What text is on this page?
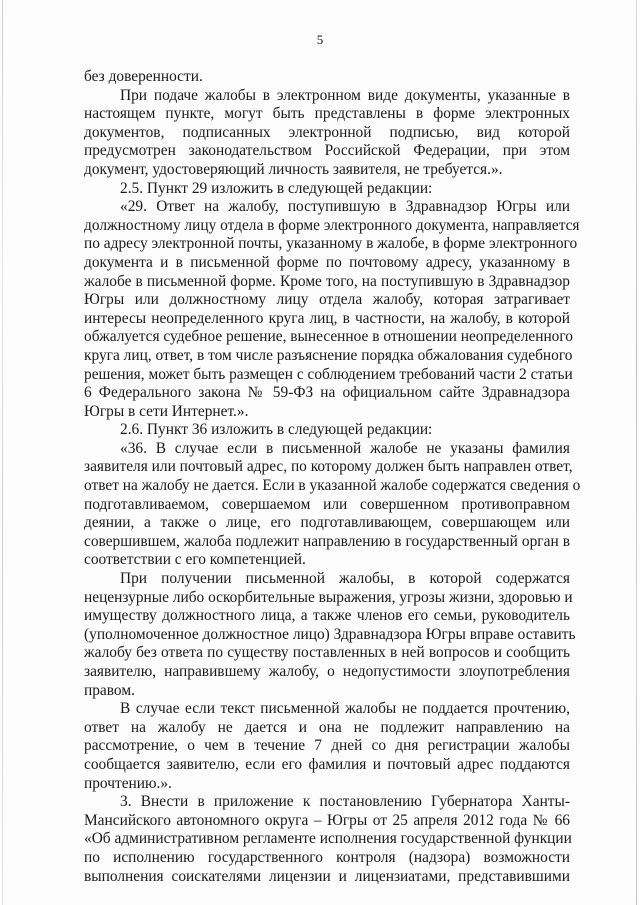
5
без доверенности.
При подаче жалобы в электронном виде документы, указанные в
настоящем пункте, могут быть представлены в форме электронных
документов, подписанных электронной подписью, вид которой
предусмотрен законодательством Российской Федерации, при этом
документ, удостоверяющий личность заявителя, не требуется.».
2.5. Пункт 29 изложить в следующей редакции:
«29. Ответ на жалобу, поступившую в Здравнадзор Югры или
должностному лицу отдела в форме электронного документа, направляется
по адресу электронной почты, указанному в жалобе, в форме электронного
документа и в письменной форме по почтовому адресу, указанному в
жалобе в письменной форме. Кроме того, на поступившую в Здравнадзор
Югры или должностному лицу отдела жалобу, которая затрагивает
интересы неопределенного круга лиц, в частности, на жалобу, в которой
обжалуется судебное решение, вынесенное в отношении неопределенного
круга лиц, ответ, в том числе разъяснение порядка обжалования судебного
решения, может быть размещен с соблюдением требований части 2 статьи
6 Федерального закона № 59-ФЗ на официальном сайте Здравнадзора
Югры в сети Интернет.».
2.6. Пункт 36 изложить в следующей редакции:
«36. В случае если в письменной жалобе не указаны фамилия
заявителя или почтовый адрес, по которому должен быть направлен ответ,
ответ на жалобу не дается. Если в указанной жалобе содержатся сведения о
подготавливаемом, совершаемом или совершенном противоправном
деянии, а также о лице, его подготавливающем, совершающем или
совершившем, жалоба подлежит направлению в государственный орган в
соответствии с его компетенцией.
При получении письменной жалобы, в которой содержатся
нецензурные либо оскорбительные выражения, угрозы жизни, здоровью и
имуществу должностного лица, а также членов его семьи, руководитель
(уполномоченное должностное лицо) Здравнадзора Югры вправе оставить
жалобу без ответа по существу поставленных в ней вопросов и сообщить
заявителю, направившему жалобу, о недопустимости злоупотребления
правом.
В случае если текст письменной жалобы не поддается прочтению,
ответ на жалобу не дается и она не подлежит направлению на
рассмотрение, о чем в течение 7 дней со дня регистрации жалобы
сообщается заявителю, если его фамилия и почтовый адрес поддаются
прочтению.».
3. Внести в приложение к постановлению Губернатора Ханты-
Мансийского автономного округа – Югры от 25 апреля 2012 года № 66
«Об административном регламенте исполнения государственной функции
по исполнению государственного контроля (надзора) возможности
выполнения соискателями лицензии и лицензиатами, представившими
